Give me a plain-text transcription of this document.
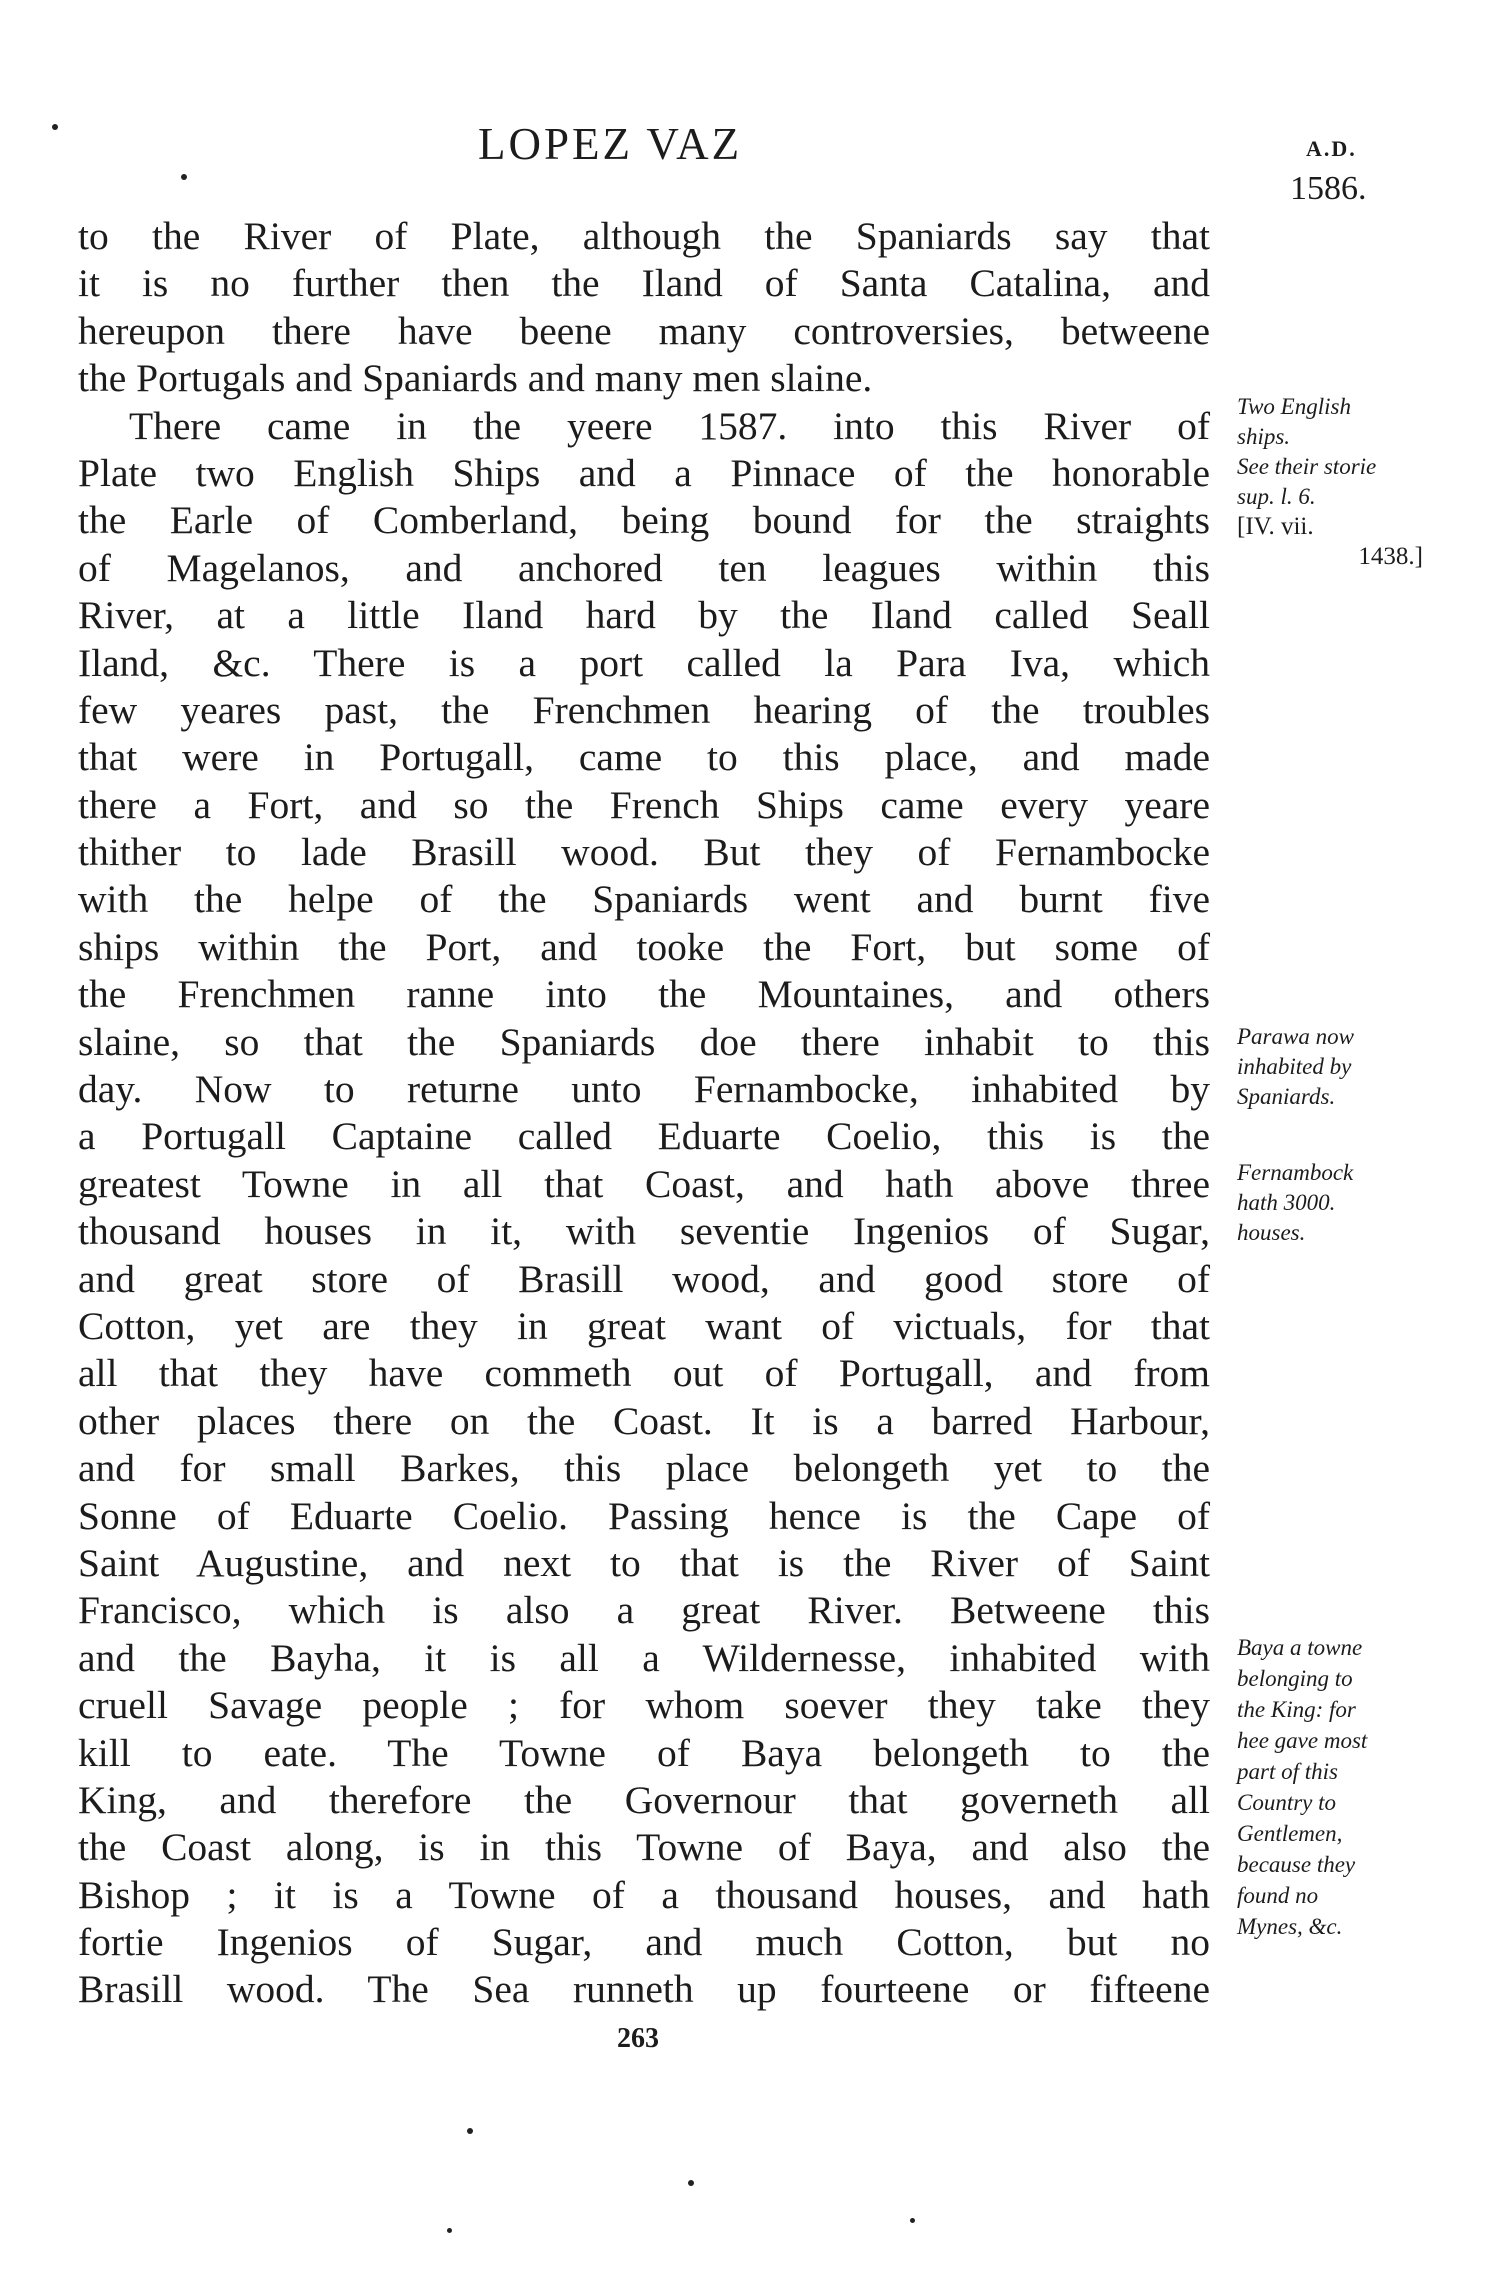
LOPEZ VAZ	A.D.
1586.
to the River of Plate, although the Spaniards say that
it is no further then the Iland of Santa Catalina, and
hereupon there have beene many controversies, betweene
the Portugals and Spaniards and many men slaine.
There came in the yeere 1587. into this River of
Plate two English Ships and a Pinnace of the honorable
the Earle of Comberland, being bound for the straights
of Magelanos, and anchored ten leagues within this
River, at a little Iland hard by the Iland called Seall
Iland, &c. There is a port called la Para Iva, which
few yeares past, the Frenchmen hearing of the troubles
that were in Portugall, came to this place, and made
there a Fort, and so the French Ships came every yeare
thither to lade Brasill wood. But they of Fernambocke
with the helpe of the Spaniards went and burnt five
ships within the Port, and tooke the Fort, but some of
the Frenchmen ranne into the Mountaines, and others
slaine, so that the Spaniards doe there inhabit to this
day. Now to returne unto Fernambocke, inhabited by
a Portugall Captaine called Eduarte Coelio, this is the
greatest Towne in all that Coast, and hath above three
thousand houses in it, with seventie Ingenios of Sugar,
and great store of Brasill wood, and good store of
Cotton, yet are they in great want of victuals, for that
all that they have commeth out of Portugall, and from
other places there on the Coast. It is a barred Harbour,
and for small Barkes, this place belongeth yet to the
Sonne of Eduarte Coelio. Passing hence is the Cape of
Saint Augustine, and next to that is the River of Saint
Francisco, which is also a great River. Betweene this
and the Bayha, it is all a Wildernesse, inhabited with
cruell Savage people ; for whom soever they take they
kill to eate. The Towne of Baya belongeth to the
King, and therefore the Governour that governeth all
the Coast along, is in this Towne of Baya, and also the
Bishop ; it is a Towne of a thousand houses, and hath
fortie Ingenios of Sugar, and much Cotton, but no
Brasill wood. The Sea runneth up fourteene or fifteene
Two English
ships.
See their storie
sup. l. 6.
[IV. vii.
1438.]
Parawa now
inhabited by
Spaniards.
Fernambock
hath 3000.
houses.
Baya a towne
belonging to
the King: for
hee gave most
part of this
Country to
Gentlemen,
because they
found no
Mynes, &c.
263
